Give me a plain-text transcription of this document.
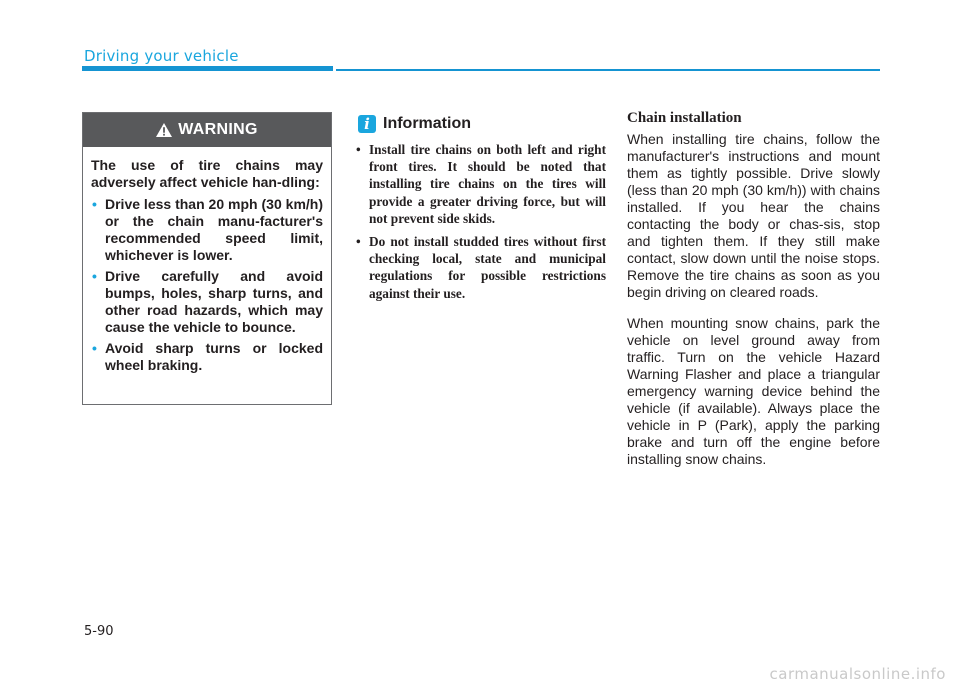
Driving your vehicle
WARNING

The use of tire chains may adversely affect vehicle han-dling:

• Drive less than 20 mph (30 km/h) or the chain manu-facturer's recommended speed limit, whichever is lower.
• Drive carefully and avoid bumps, holes, sharp turns, and other road hazards, which may cause the vehicle to bounce.
• Avoid sharp turns or locked wheel braking.
i Information
• Install tire chains on both left and right front tires. It should be noted that installing tire chains on the tires will provide a greater driving force, but will not prevent side skids.
• Do not install studded tires without first checking local, state and municipal regulations for possible restrictions against their use.
Chain installation

When installing tire chains, follow the manufacturer's instructions and mount them as tightly possible. Drive slowly (less than 20 mph (30 km/h)) with chains installed. If you hear the chains contacting the body or chas-sis, stop and tighten them. If they still make contact, slow down until the noise stops. Remove the tire chains as soon as you begin driving on cleared roads.

When mounting snow chains, park the vehicle on level ground away from traffic. Turn on the vehicle Hazard Warning Flasher and place a triangular emergency warning device behind the vehicle (if available). Always place the vehicle in P (Park), apply the parking brake and turn off the engine before installing snow chains.

5-90
carmanualsonline.info
